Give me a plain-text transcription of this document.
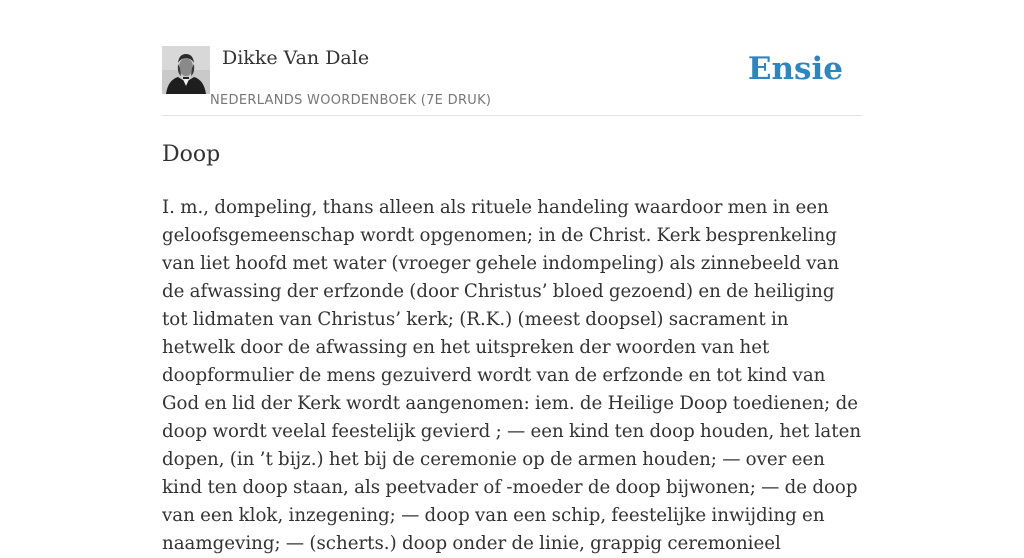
Dikke Van Dale
NEDERLANDS WOORDENBOEK (7E DRUK)
Ensie
Doop

I. m., dompeling, thans alleen als rituele handeling waardoor men in een geloofsgemeenschap wordt opgenomen; in de Christ. Kerk besprenkeling van liet hoofd met water (vroeger gehele indompeling) als zinnebeeld van de afwassing der erfzonde (door Christus’ bloed gezoend) en de heiliging tot lidmaten van Christus’ kerk; (R.K.) (meest doopsel) sacrament in hetwelk door de afwassing en het uitspreken der woorden van het doopformulier de mens gezuiverd wordt van de erfzonde en tot kind van God en lid der Kerk wordt aangenomen: iem. de Heilige Doop toedienen; de doop wordt veelal feestelijk gevierd ; — een kind ten doop houden, het laten dopen, (in ’t bijz.) het bij de ceremonie op de armen houden; — over een kind ten doop staan, als peetvader of -moeder de doop bijwonen; — de doop van een klok, inzegening; — doop van een schip, feestelijke inwijding en naamgeving; — (scherts.) doop onder de linie, grappig ceremonieel
